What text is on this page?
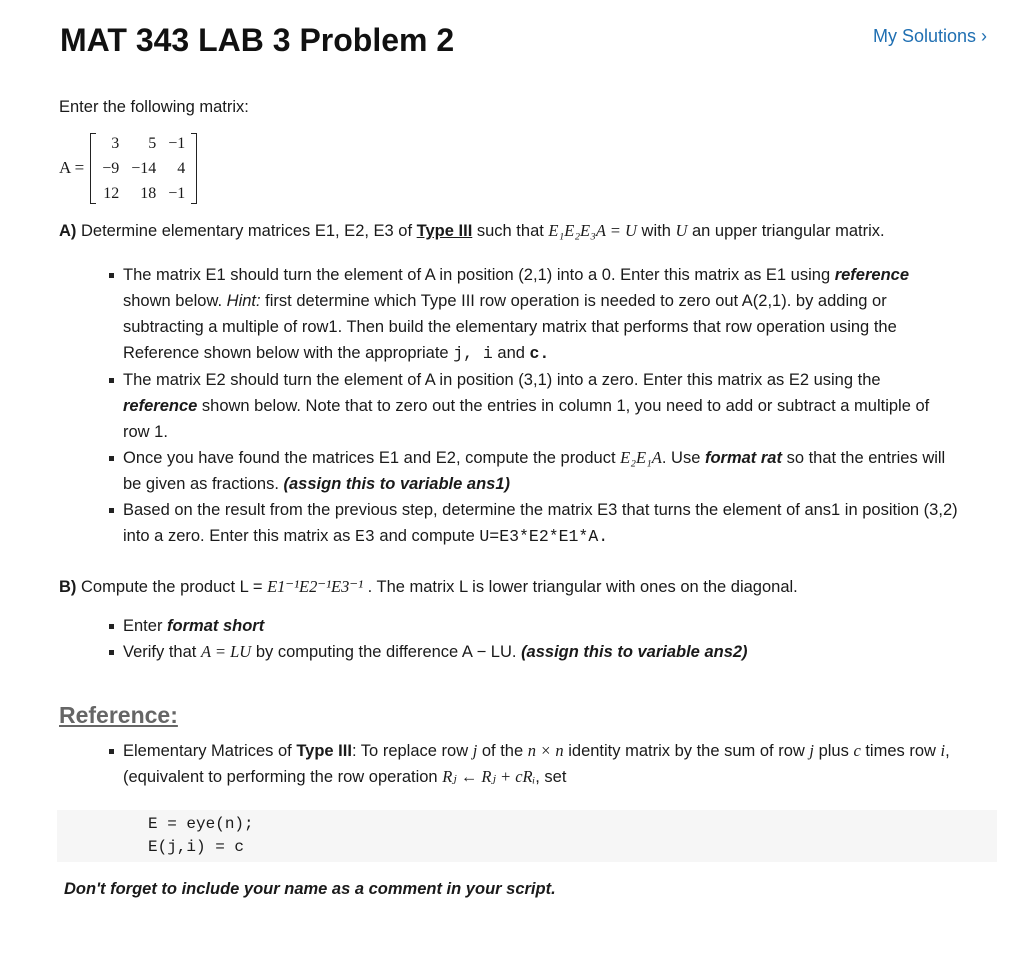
MAT 343 LAB 3 Problem 2	My Solutions ›

Enter the following matrix:

A =
3	5	−1
−9	−14	4
12	18	−1

A) Determine elementary matrices E1, E2, E3 of Type III such that E₁E₂E₃A = U with U an upper triangular matrix.

The matrix E1 should turn the element of A in position (2,1) into a 0. Enter this matrix as E1 using reference shown below. Hint: first determine which Type III row operation is needed to zero out A(2,1). by adding or subtracting a multiple of row1. Then build the elementary matrix that performs that row operation using the Reference shown below with the appropriate j, i and c.
The matrix E2 should turn the element of A in position (3,1) into a zero. Enter this matrix as E2 using the reference shown below. Note that to zero out the entries in column 1, you need to add or subtract a multiple of row 1.
Once you have found the matrices E1 and E2, compute the product E₂E₁A. Use format rat so that the entries will be given as fractions. (assign this to variable ans1)
Based on the result from the previous step, determine the matrix E3 that turns the element of ans1 in position (3,2) into a zero. Enter this matrix as E3 and compute U=E3*E2*E1*A.

B) Compute the product L = E1⁻¹E2⁻¹E3⁻¹ . The matrix L is lower triangular with ones on the diagonal.

Enter format short
Verify that A = LU by computing the difference A − LU. (assign this to variable ans2)
Reference:
Elementary Matrices of Type III: To replace row j of the n × n identity matrix by the sum of row j plus c times row i, (equivalent to performing the row operation Rⱼ ← Rⱼ + cRᵢ, set
E = eye(n);
E(j,i) = c

Don't forget to include your name as a comment in your script.
